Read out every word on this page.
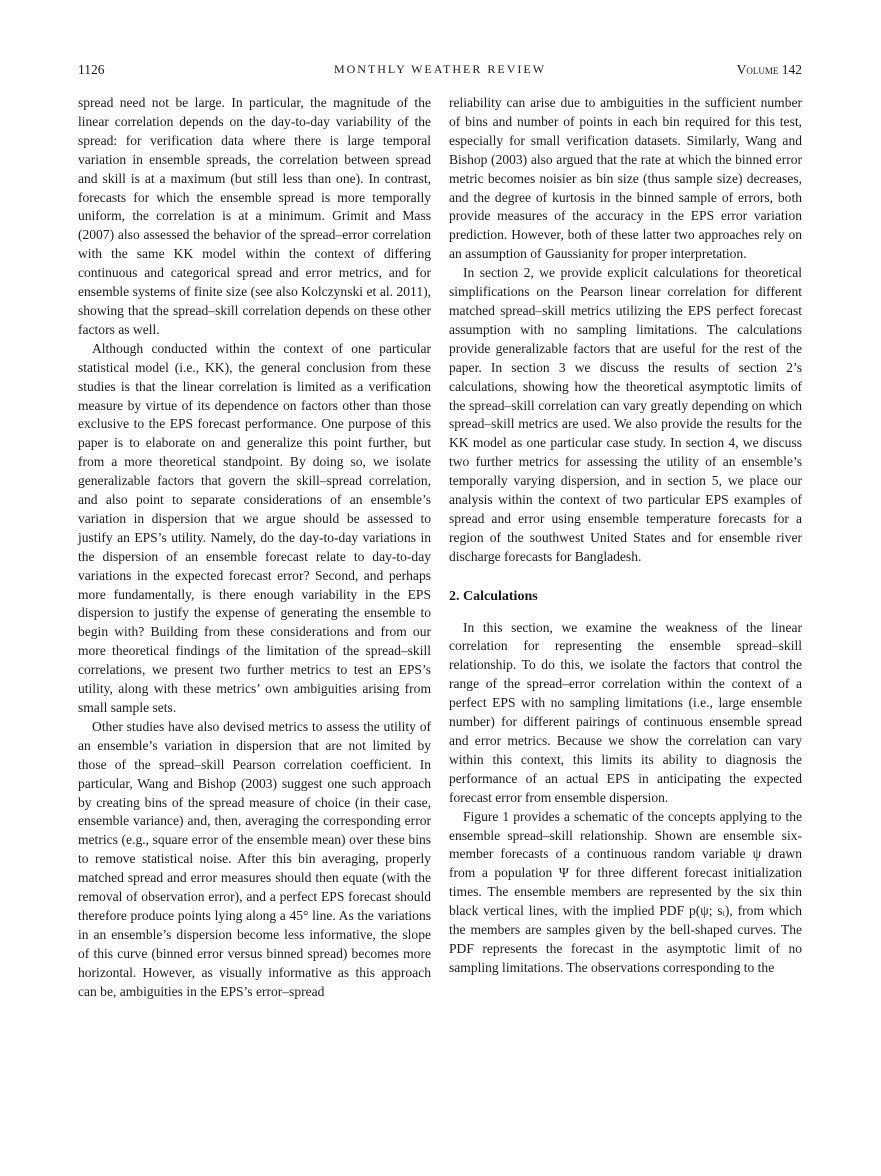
1126	MONTHLY WEATHER REVIEW	Volume 142

spread need not be large. In particular, the magnitude of the linear correlation depends on the day-to-day variability of the spread: for verification data where there is large temporal variation in ensemble spreads, the correlation between spread and skill is at a maximum (but still less than one). In contrast, forecasts for which the ensemble spread is more temporally uniform, the correlation is at a minimum. Grimit and Mass (2007) also assessed the behavior of the spread–error correlation with the same KK model within the context of differing continuous and categorical spread and error metrics, and for ensemble systems of finite size (see also Kolczynski et al. 2011), showing that the spread–skill correlation depends on these other factors as well.

Although conducted within the context of one particular statistical model (i.e., KK), the general conclusion from these studies is that the linear correlation is limited as a verification measure by virtue of its dependence on factors other than those exclusive to the EPS forecast performance. One purpose of this paper is to elaborate on and generalize this point further, but from a more theoretical standpoint. By doing so, we isolate generalizable factors that govern the skill–spread correlation, and also point to separate considerations of an ensemble’s variation in dispersion that we argue should be assessed to justify an EPS’s utility. Namely, do the day-to-day variations in the dispersion of an ensemble forecast relate to day-to-day variations in the expected forecast error? Second, and perhaps more fundamentally, is there enough variability in the EPS dispersion to justify the expense of generating the ensemble to begin with? Building from these considerations and from our more theoretical findings of the limitation of the spread–skill correlations, we present two further metrics to test an EPS’s utility, along with these metrics’ own ambiguities arising from small sample sets.

Other studies have also devised metrics to assess the utility of an ensemble’s variation in dispersion that are not limited by those of the spread–skill Pearson correlation coefficient. In particular, Wang and Bishop (2003) suggest one such approach by creating bins of the spread measure of choice (in their case, ensemble variance) and, then, averaging the corresponding error metrics (e.g., square error of the ensemble mean) over these bins to remove statistical noise. After this bin averaging, properly matched spread and error measures should then equate (with the removal of observation error), and a perfect EPS forecast should therefore produce points lying along a 45° line. As the variations in an ensemble’s dispersion become less informative, the slope of this curve (binned error versus binned spread) becomes more horizontal. However, as visually informative as this approach can be, ambiguities in the EPS’s error–spread

reliability can arise due to ambiguities in the sufficient number of bins and number of points in each bin required for this test, especially for small verification datasets. Similarly, Wang and Bishop (2003) also argued that the rate at which the binned error metric becomes noisier as bin size (thus sample size) decreases, and the degree of kurtosis in the binned sample of errors, both provide measures of the accuracy in the EPS error variation prediction. However, both of these latter two approaches rely on an assumption of Gaussianity for proper interpretation.

In section 2, we provide explicit calculations for theoretical simplifications on the Pearson linear correlation for different matched spread–skill metrics utilizing the EPS perfect forecast assumption with no sampling limitations. The calculations provide generalizable factors that are useful for the rest of the paper. In section 3 we discuss the results of section 2’s calculations, showing how the theoretical asymptotic limits of the spread–skill correlation can vary greatly depending on which spread–skill metrics are used. We also provide the results for the KK model as one particular case study. In section 4, we discuss two further metrics for assessing the utility of an ensemble’s temporally varying dispersion, and in section 5, we place our analysis within the context of two particular EPS examples of spread and error using ensemble temperature forecasts for a region of the southwest United States and for ensemble river discharge forecasts for Bangladesh.

2. Calculations

In this section, we examine the weakness of the linear correlation for representing the ensemble spread–skill relationship. To do this, we isolate the factors that control the range of the spread–error correlation within the context of a perfect EPS with no sampling limitations (i.e., large ensemble number) for different pairings of continuous ensemble spread and error metrics. Because we show the correlation can vary within this context, this limits its ability to diagnosis the performance of an actual EPS in anticipating the expected forecast error from ensemble dispersion.

Figure 1 provides a schematic of the concepts applying to the ensemble spread–skill relationship. Shown are ensemble six-member forecasts of a continuous random variable ψ drawn from a population Ψ for three different forecast initialization times. The ensemble members are represented by the six thin black vertical lines, with the implied PDF p(ψ; sᵢ), from which the members are samples given by the bell-shaped curves. The PDF represents the forecast in the asymptotic limit of no sampling limitations. The observations corresponding to the
